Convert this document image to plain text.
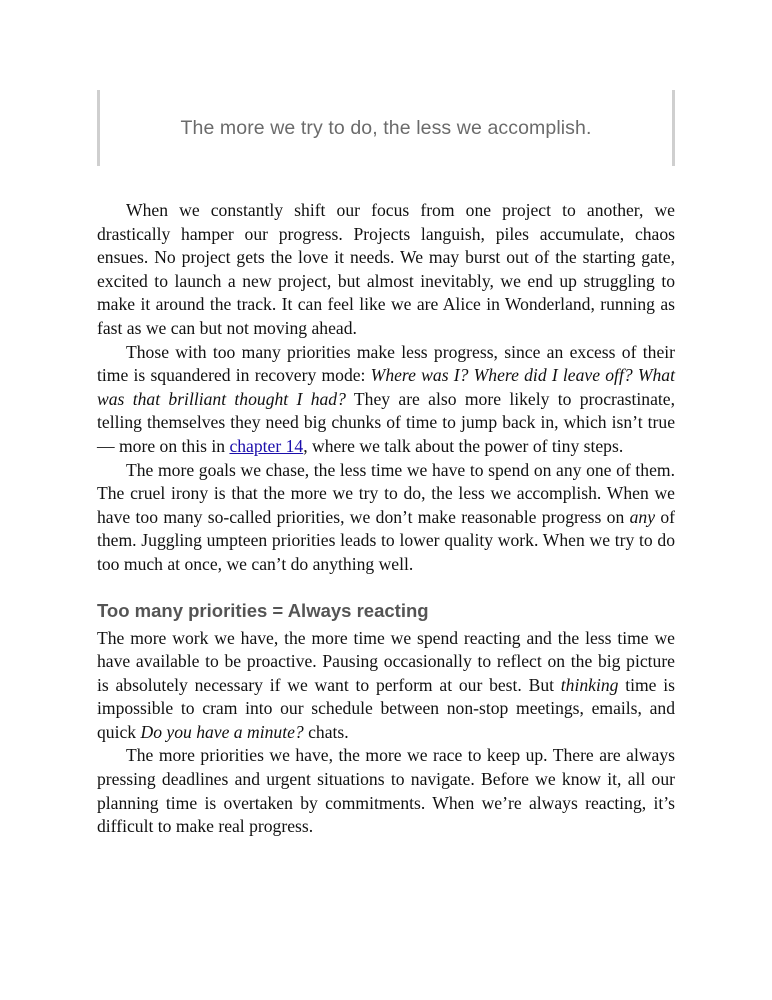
The more we try to do, the less we accomplish.

When we constantly shift our focus from one project to another, we drastically hamper our progress. Projects languish, piles accumulate, chaos ensues. No project gets the love it needs. We may burst out of the starting gate, excited to launch a new project, but almost inevitably, we end up struggling to make it around the track. It can feel like we are Alice in Wonderland, running as fast as we can but not moving ahead.

Those with too many priorities make less progress, since an excess of their time is squandered in recovery mode: Where was I? Where did I leave off? What was that brilliant thought I had? They are also more likely to procrastinate, telling themselves they need big chunks of time to jump back in, which isn’t true — more on this in chapter 14, where we talk about the power of tiny steps.

The more goals we chase, the less time we have to spend on any one of them. The cruel irony is that the more we try to do, the less we accomplish. When we have too many so-called priorities, we don’t make reasonable progress on any of them. Juggling umpteen priorities leads to lower quality work. When we try to do too much at once, we can’t do anything well.

Too many priorities = Always reacting

The more work we have, the more time we spend reacting and the less time we have available to be proactive. Pausing occasionally to reflect on the big picture is absolutely necessary if we want to perform at our best. But thinking time is impossible to cram into our schedule between non-stop meetings, emails, and quick Do you have a minute? chats.

The more priorities we have, the more we race to keep up. There are always pressing deadlines and urgent situations to navigate. Before we know it, all our planning time is overtaken by commitments. When we’re always reacting, it’s difficult to make real progress.
